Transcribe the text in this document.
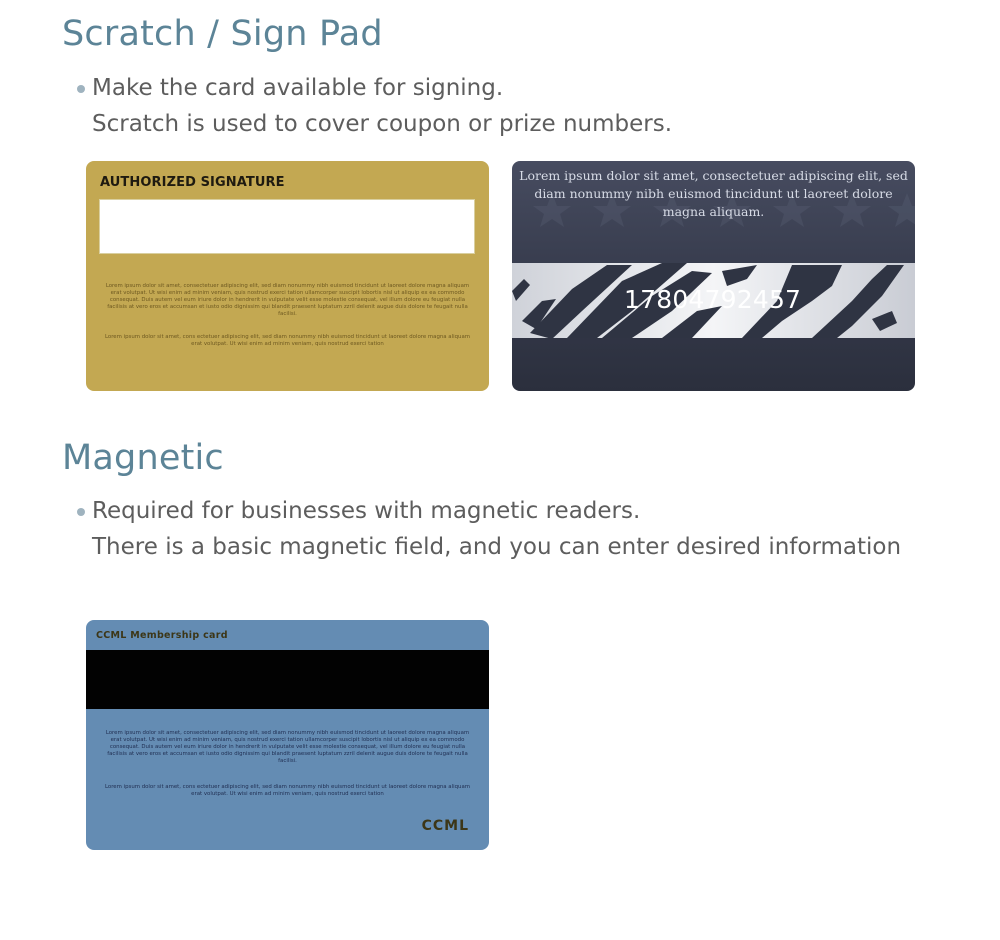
Scratch / Sign Pad
Make the card available for signing.
Scratch is used to cover coupon or prize numbers.
AUTHORIZED SIGNATURE
Lorem ipsum dolor sit amet, consectetuer adipiscing elit, sed diam nonummy nibh euismod tincidunt ut laoreet dolore magna aliquam erat volutpat. Ut wisi enim ad minim veniam, quis nostrud exerci tation ullamcorper suscipit lobortis nisl ut aliquip ex ea commodo consequat. Duis autem vel eum iriure dolor in hendrerit in vulputate velit esse molestie consequat, vel illum dolore eu feugiat nulla facilisis at vero eros et accumsan et iusto odio dignissim qui blandit praesent luptatum zzril delenit augue duis dolore te feugait nulla facilisi.
Lorem ipsum dolor sit amet, cons ectetuer adipiscing elit, sed diam nonummy nibh euismod tincidunt ut laoreet dolore magna aliquam erat volutpat. Ut wisi enim ad minim veniam, quis nostrud exerci tation
Lorem ipsum dolor sit amet, consectetuer adipiscing elit, sed diam nonummy nibh euismod tincidunt ut laoreet dolore magna aliquam.
17804792457
Magnetic
Required for businesses with magnetic readers.
There is a basic magnetic field, and you can enter desired information
CCML Membership card
Lorem ipsum dolor sit amet, consectetuer adipiscing elit, sed diam nonummy nibh euismod tincidunt ut laoreet dolore magna aliquam erat volutpat. Ut wisi enim ad minim veniam, quis nostrud exerci tation ullamcorper suscipit lobortis nisl ut aliquip ex ea commodo consequat. Duis autem vel eum iriure dolor in hendrerit in vulputate velit esse molestie consequat, vel illum dolore eu feugiat nulla facilisis at vero eros et accumsan et iusto odio dignissim qui blandit praesent luptatum zzril delenit augue duis dolore te feugait nulla facilisi.
Lorem ipsum dolor sit amet, cons ectetuer adipiscing elit, sed diam nonummy nibh euismod tincidunt ut laoreet dolore magna aliquam erat volutpat. Ut wisi enim ad minim veniam, quis nostrud exerci tation
CCML
